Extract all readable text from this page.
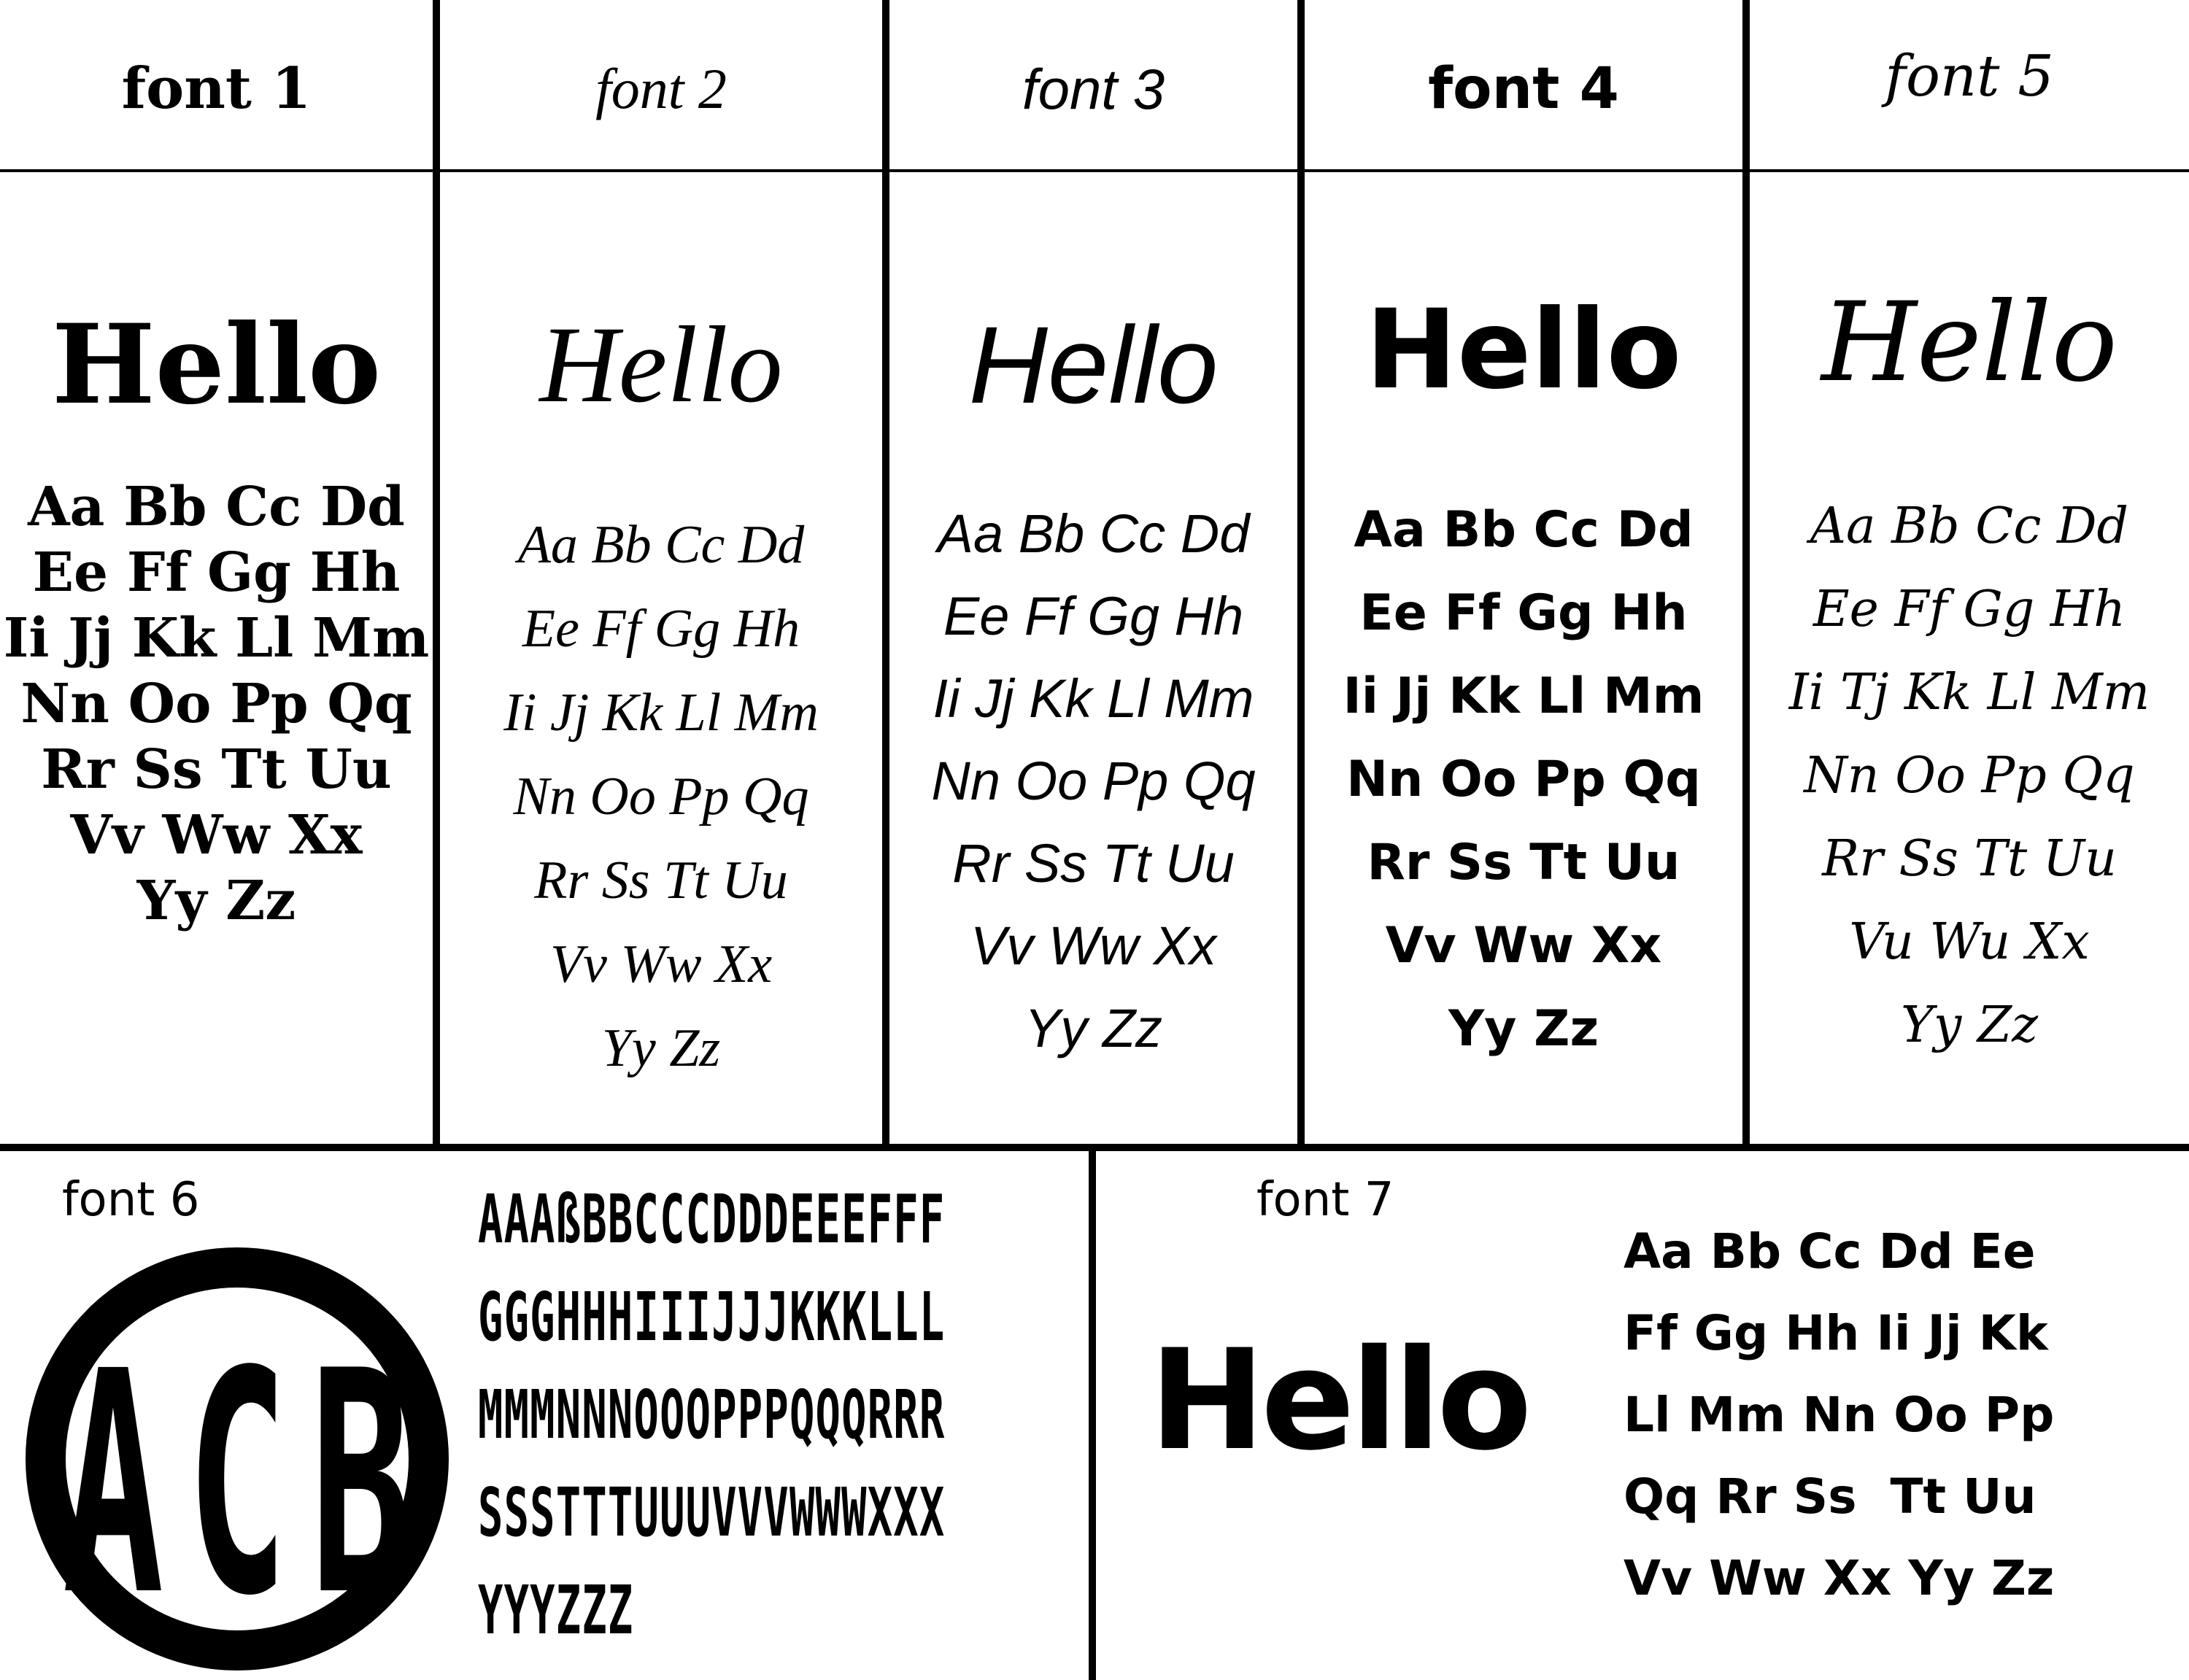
font 1
Hello
Aa Bb Cc Dd
Ee Ff Gg Hh
Ii Jj Kk Ll Mm
Nn Oo Pp Qq
Rr Ss Tt Uu
Vv Ww Xx
Yy Zz
font 2
Hello
Aa Bb Cc Dd
Ee Ff Gg Hh
Ii Jj Kk Ll Mm
Nn Oo Pp Qq
Rr Ss Tt Uu
Vv Ww Xx
Yy Zz
font 3
Hello
Aa Bb Cc Dd
Ee Ff Gg Hh
Ii Jj Kk Ll Mm
Nn Oo Pp Qq
Rr Ss Tt Uu
Vv Ww Xx
Yy Zz
font 4
Hello
Aa Bb Cc Dd
Ee Ff Gg Hh
Ii Jj Kk Ll Mm
Nn Oo Pp Qq
Rr Ss Tt Uu
Vv Ww Xx
Yy Zz
font 5
Hello
Aa Bb Cc Dd
Ee Ff Gg Hh
Ii Tj Kk Ll Mm
Nn Oo Pp Qq
Rr Ss Tt Uu
Vu Wu Xx
Yy Zz
font 6
A C B
AAAßBBCCCDDDEEEFFF
GGGHHHIIIJJJKKKLLL
MMMNNNOOOPPPQQQRRR
SSSTTTUUUVVVWWWXXX
YYYZZZ
font 7
Hello
Aa Bb Cc Dd Ee
Ff Gg Hh Ii Jj Kk
Ll Mm Nn Oo Pp
Qq Rr Ss  Tt Uu
Vv Ww Xx Yy Zz
